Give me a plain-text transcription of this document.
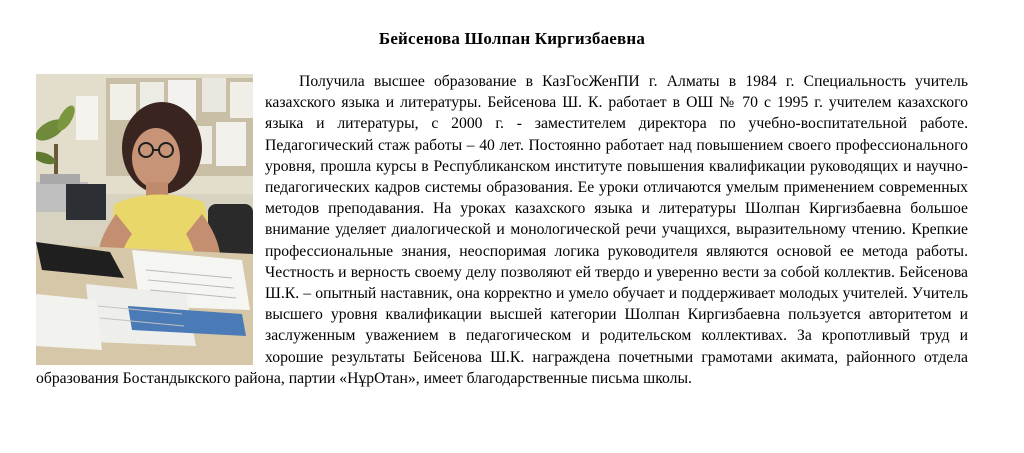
Бейсенова Шолпан Киргизбаевна

Получила высшее образование в КазГосЖенПИ г. Алматы в 1984 г. Специальность учитель казахского языка и литературы. Бейсенова Ш. К. работает в ОШ № 70 с 1995 г. учителем казахского языка и литературы, с 2000 г. - заместителем директора по учебно-воспитательной работе. Педагогический стаж работы – 40 лет. Постоянно работает над повышением своего профессионального уровня, прошла курсы в Республиканском институте повышения квалификации руководящих и научно-педагогических кадров системы образования. Ее уроки отличаются умелым применением современных методов преподавания. На уроках казахского языка и литературы Шолпан Киргизбаевна большое внимание уделяет диалогической и монологической речи учащихся, выразительному чтению. Крепкие профессиональные знания, неоспоримая логика руководителя являются основой ее метода работы. Честность и верность своему делу позволяют ей твердо и уверенно вести за собой коллектив. Бейсенова Ш.К. – опытный наставник, она корректно и умело обучает и поддерживает молодых учителей. Учитель высшего уровня квалификации высшей категории Шолпан Киргизбаевна пользуется авторитетом и заслуженным уважением в педагогическом и родительском коллективах. За кропотливый труд и хорошие результаты Бейсенова Ш.К. награждена почетными грамотами акимата, районного отдела образования Бостандыкского района, партии «НұрОтан», имеет благодарственные письма школы.
